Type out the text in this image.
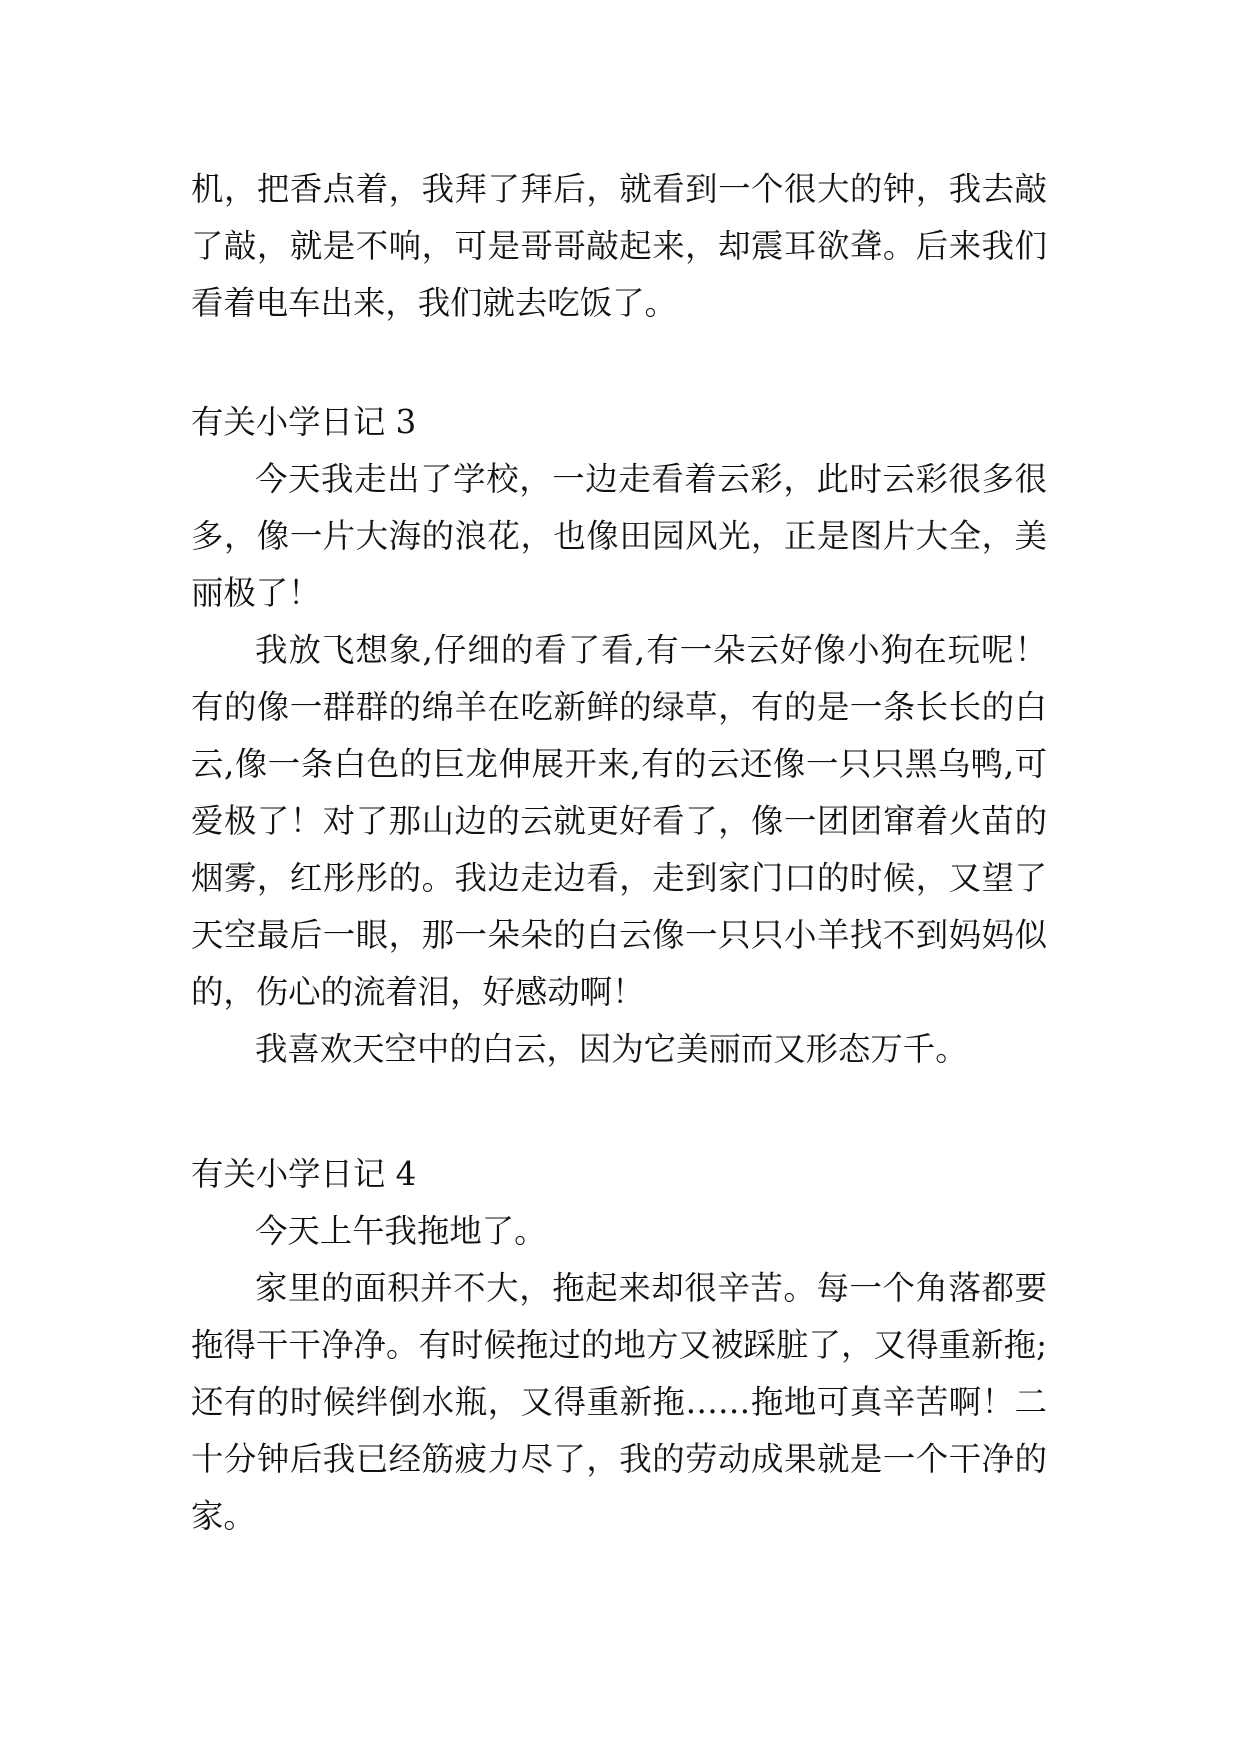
机，把香点着，我拜了拜后，就看到一个很大的钟，我去敲了敲，就是不响，可是哥哥敲起来，却震耳欲聋。后来我们看着电车出来，我们就去吃饭了。

有关小学日记 3

今天我走出了学校，一边走看着云彩，此时云彩很多很多，像一片大海的浪花，也像田园风光，正是图片大全，美丽极了！

我放飞想象,仔细的看了看,有一朵云好像小狗在玩呢！有的像一群群的绵羊在吃新鲜的绿草，有的是一条长长的白云,像一条白色的巨龙伸展开来,有的云还像一只只黑乌鸭,可爱极了！对了那山边的云就更好看了，像一团团窜着火苗的烟雾，红彤彤的。我边走边看，走到家门口的时候，又望了天空最后一眼，那一朵朵的白云像一只只小羊找不到妈妈似的，伤心的流着泪，好感动啊！

我喜欢天空中的白云，因为它美丽而又形态万千。

有关小学日记 4

今天上午我拖地了。

家里的面积并不大，拖起来却很辛苦。每一个角落都要拖得干干净净。有时候拖过的地方又被踩脏了，又得重新拖;还有的时候绊倒水瓶，又得重新拖……拖地可真辛苦啊！二十分钟后我已经筋疲力尽了，我的劳动成果就是一个干净的家。
